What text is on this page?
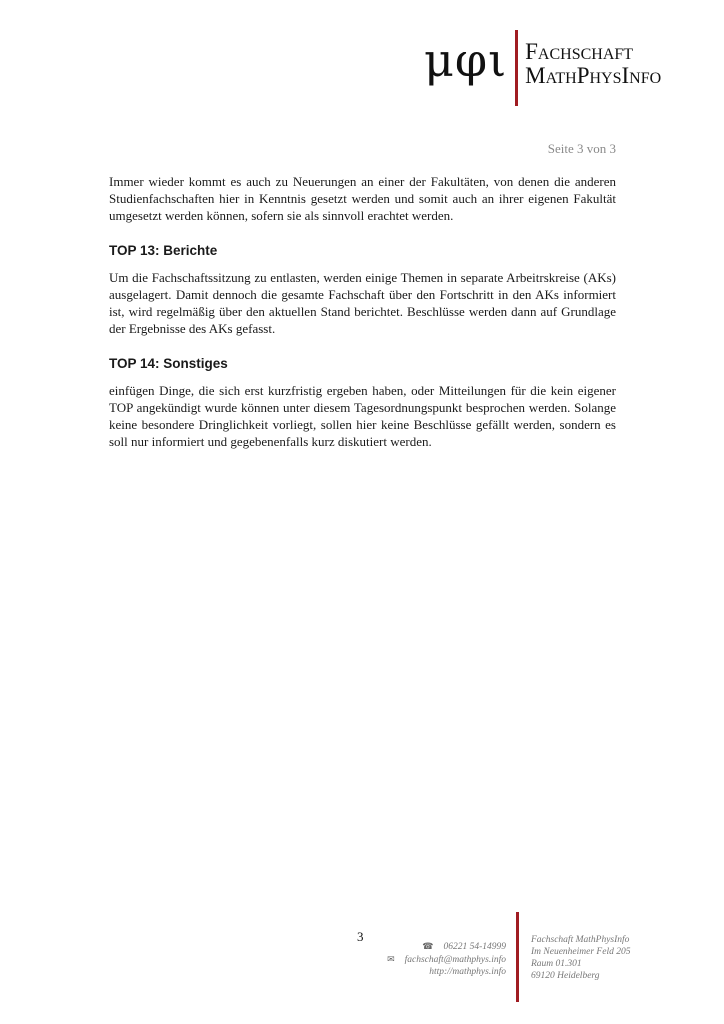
μφι Fachschaft
MathPhysInfo
Seite 3 von 3

Immer wieder kommt es auch zu Neuerungen an einer der Fakultäten, von denen die anderen Studienfachschaften hier in Kenntnis gesetzt werden und somit auch an ihrer eigenen Fakultät umgesetzt werden können, sofern sie als sinnvoll erachtet werden.

TOP 13: Berichte

Um die Fachschaftssitzung zu entlasten, werden einige Themen in separate Arbeitrskreise (AKs) ausgelagert. Damit dennoch die gesamte Fachschaft über den Fortschritt in den AKs informiert ist, wird regelmäßig über den aktuellen Stand berichtet. Beschlüsse werden dann auf Grundlage der Ergebnisse des AKs gefasst.

TOP 14: Sonstiges

einfügen Dinge, die sich erst kurzfristig ergeben haben, oder Mitteilungen für die kein eigener TOP angekündigt wurde können unter diesem Tagesordnungspunkt besprochen werden. Solange keine besondere Dringlichkeit vorliegt, sollen hier keine Beschlüsse gefällt werden, sondern es soll nur informiert und gegebenenfalls kurz diskutiert werden.

3
☎ 06221 54-14999
✉ fachschaft@mathphys.info
http://mathphys.info
Fachschaft MathPhysInfo
Im Neuenheimer Feld 205
Raum 01.301
69120 Heidelberg
